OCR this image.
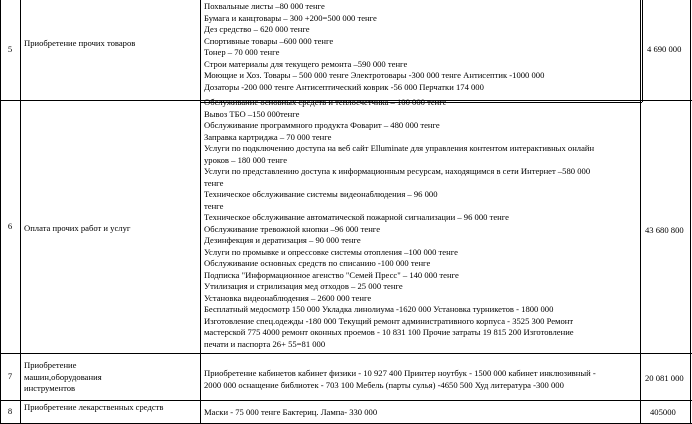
5
Приобретение прочих товаров
Похвальные листы –80 000 тенге
Бумага и канцтовары – 300 +200=500 000 тенге
Дез средство – 620 000 тенге
Спортивные товары –600 000 тенге
Тонер – 70 000 тенге
Строи материалы для текущего ремонта –590 000 тенге
Моющие и Хоз. Товары – 500 000 тенге Электротовары -300 000 тенге Антисептик -1000 000
Дозаторы -200 000 тенге Антисептический коврик -56 000 Перчатки 174 000
4 690 000
6 Оплата прочих работ и услуг
Обслуживание основных средств и теплосчетчика – 100 000 тенге
Вывоз ТБО –150 000тенге
Обслуживание программного продукта Фоварит – 480 000 тенге
Заправка картриджа – 70 000 тенге
Услуги по подключению доступа на веб сайт Elluminate для управления контентом интерактивных онлайн
уроков – 180 000 тенге
Услуги по представлению доступа к информационным ресурсам, находящимся в сети Интернет –580 000
тенге
Техническое обслуживание системы видеонаблюдения – 96 000
тенге
Техническое обслуживание автоматической пожарной сигнализации – 96 000 тенге
Обслуживание тревожной кнопки –96 000 тенге
Дезинфекция и дератизация – 90 000 тенге
Услуги по промывке и опрессовке системы отопления –100 000 тенге
Обслуживание основных средств по списанию -100 000 тенге
Подписка "Информационное агенство "Семей Пресс" – 140 000 тенге
Утилизация и стрилизация мед отходов – 25 000 тенге
Установка видеонаблюдения – 2600 000 тенге
Бесплатный медосмотр 150 000 Укладка линолиума -1620 000 Установка турникетов - 1800 000
Изготовление спец.одежды -180 000 Текущий ремонт административного корпуса - 3525 300 Ремонт
мастерской 775 4000 ремонт оконных проемов - 10 831 100 Прочие затраты 19 815 200 Изготовление
печати и паспорта 26+ 55=81 000
43 680 800
7
Приобретение машин,оборудования инструментов
Приобретение кабинетов кабинет физики - 10 927 400 Принтер ноутбук - 1500 000 кабинет инклюзивный -
2000 000 оснащение библиотек - 703 100 Мебель (парты сулья) -4650 500 Худ литература -300 000
20 081 000
8 Приобретение лекарственных средств	Маски - 75 000 тенге Бактериц. Лампа- 330 000	405000
